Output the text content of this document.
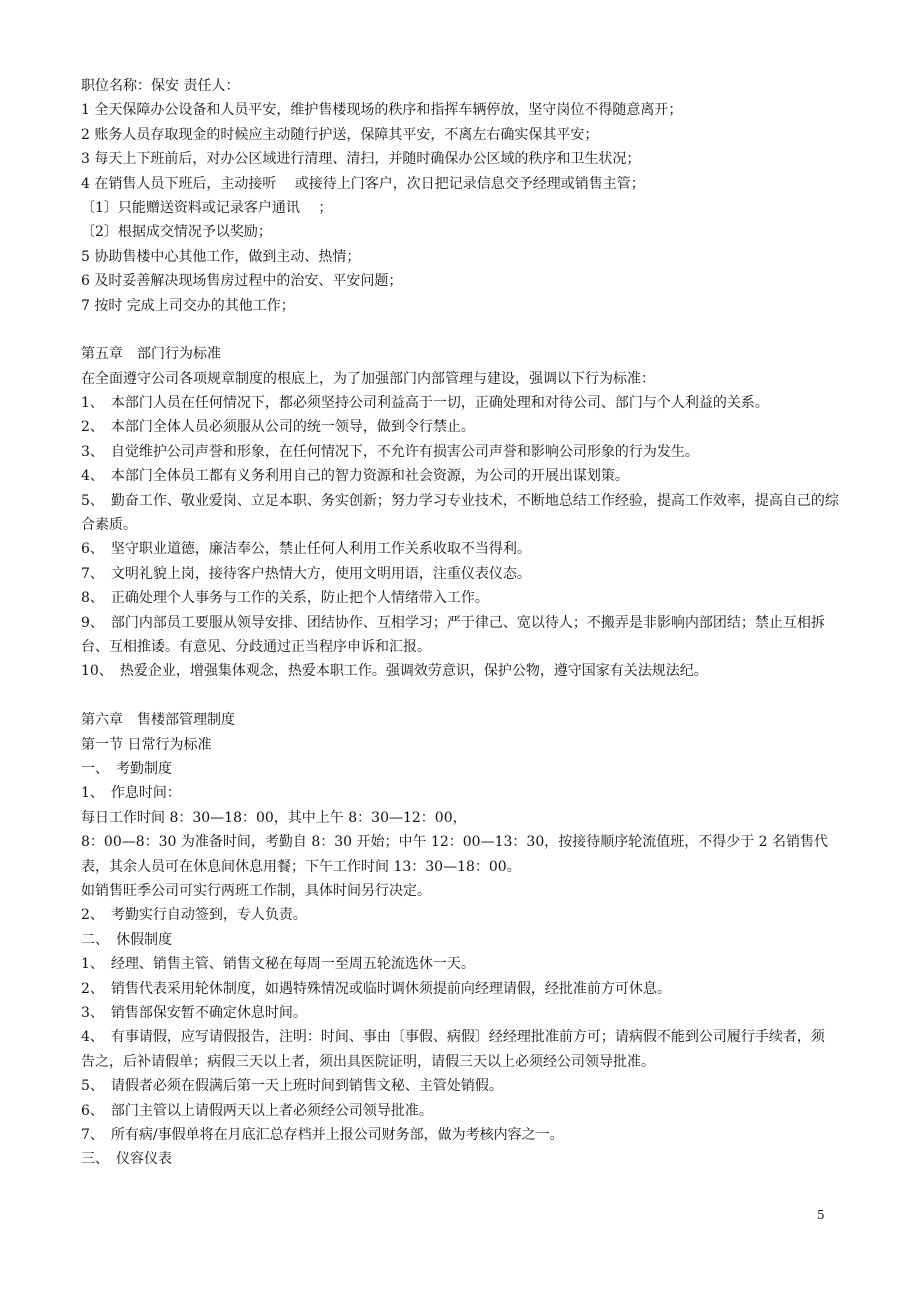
职位名称：保安 责任人：
1 全天保障办公设备和人员平安，维护售楼现场的秩序和指挥车辆停放，坚守岗位不得随意离开；
2 账务人员存取现金的时候应主动随行护送，保障其平安，不离左右确实保其平安；
3 每天上下班前后，对办公区域进行清理、清扫，并随时确保办公区域的秩序和卫生状况；
4 在销售人员下班后，主动接听　 或接待上门客户，次日把记录信息交予经理或销售主管；
〔1〕只能赠送资料或记录客户通讯　 ；
〔2〕根据成交情况予以奖励；
5 协助售楼中心其他工作，做到主动、热情；
6 及时妥善解决现场售房过程中的治安、平安问题；
7 按时 完成上司交办的其他工作；
第五章　部门行为标准
在全面遵守公司各项规章制度的根底上，为了加强部门内部管理与建设，强调以下行为标准：
1、　本部门人员在任何情况下，都必须坚持公司利益高于一切，正确处理和对待公司、部门与个人利益的关系。
2、　本部门全体人员必须服从公司的统一领导，做到令行禁止。
3、　自觉维护公司声誉和形象，在任何情况下，不允许有损害公司声誉和影响公司形象的行为发生。
4、　本部门全体员工都有义务利用自己的智力资源和社会资源，为公司的开展出谋划策。
5、　勤奋工作、敬业爱岗、立足本职、务实创新；努力学习专业技术，不断地总结工作经验，提高工作效率，提高自己的综合素质。
6、　坚守职业道德，廉洁奉公，禁止任何人利用工作关系收取不当得利。
7、　文明礼貌上岗，接待客户热情大方，使用文明用语，注重仪表仪态。
8、　正确处理个人事务与工作的关系，防止把个人情绪带入工作。
9、　部门内部员工要服从领导安排、团结协作、互相学习；严于律己、宽以待人；不搬弄是非影响内部团结；禁止互相拆台、互相推诿。有意见、分歧通过正当程序申诉和汇报。
10、　热爱企业，增强集体观念，热爱本职工作。强调效劳意识，保护公物，遵守国家有关法规法纪。
第六章　售楼部管理制度
第一节 日常行为标准
一、　考勤制度
1、　作息时间：
每日工作时间 8：30—18：00，其中上午 8：30—12：00，
8：00—8：30 为准备时间，考勤自 8：30 开始；中午 12：00—13：30，按接待顺序轮流值班，不得少于 2 名销售代表，其余人员可在休息间休息用餐；下午工作时间 13：30—18：00。
如销售旺季公司可实行两班工作制，具体时间另行决定。
2、　考勤实行自动签到，专人负责。
二、　休假制度
1、　经理、销售主管、销售文秘在每周一至周五轮流选休一天。
2、　销售代表采用轮休制度，如遇特殊情况或临时调休须提前向经理请假，经批准前方可休息。
3、　销售部保安暂不确定休息时间。
4、　有事请假，应写请假报告，注明：时间、事由〔事假、病假〕经经理批准前方可；请病假不能到公司履行手续者，须　　告之，后补请假单；病假三天以上者，须出具医院证明，请假三天以上必须经公司领导批准。
5、　请假者必须在假满后第一天上班时间到销售文秘、主管处销假。
6、　部门主管以上请假两天以上者必须经公司领导批准。
7、　所有病/事假单将在月底汇总存档并上报公司财务部，做为考核内容之一。
三、　仪容仪表
5
